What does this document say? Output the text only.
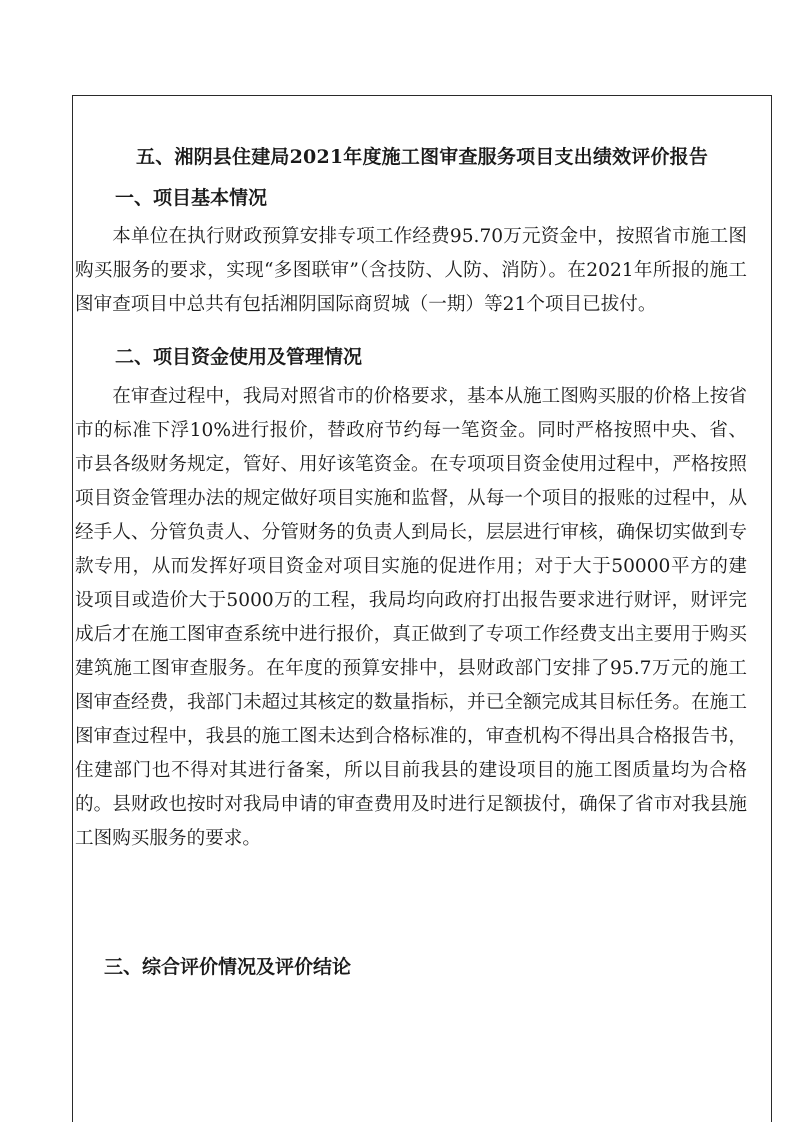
五、湘阴县住建局2021年度施工图审查服务项目支出绩效评价报告
一、项目基本情况

本单位在执行财政预算安排专项工作经费95.70万元资金中，按照省市施工图购买服务的要求，实现“多图联审”（含技防、人防、消防）。在2021年所报的施工图审查项目中总共有包括湘阴国际商贸城（一期）等21个项目已拔付。

二、项目资金使用及管理情况

在审查过程中，我局对照省市的价格要求，基本从施工图购买服的价格上按省市的标准下浮10%进行报价，替政府节约每一笔资金。同时严格按照中央、省、市县各级财务规定，管好、用好该笔资金。在专项项目资金使用过程中，严格按照项目资金管理办法的规定做好项目实施和监督，从每一个项目的报账的过程中，从经手人、分管负责人、分管财务的负责人到局长，层层进行审核，确保切实做到专款专用，从而发挥好项目资金对项目实施的促进作用；对于大于50000平方的建设项目或造价大于5000万的工程，我局均向政府打出报告要求进行财评，财评完成后才在施工图审查系统中进行报价，真正做到了专项工作经费支出主要用于购买建筑施工图审查服务。在年度的预算安排中，县财政部门安排了95.7万元的施工图审查经费，我部门未超过其核定的数量指标，并已全额完成其目标任务。在施工图审查过程中，我县的施工图未达到合格标准的，审查机构不得出具合格报告书，住建部门也不得对其进行备案，所以目前我县的建设项目的施工图质量均为合格的。县财政也按时对我局申请的审查费用及时进行足额拔付，确保了省市对我县施工图购买服务的要求。

三、综合评价情况及评价结论
